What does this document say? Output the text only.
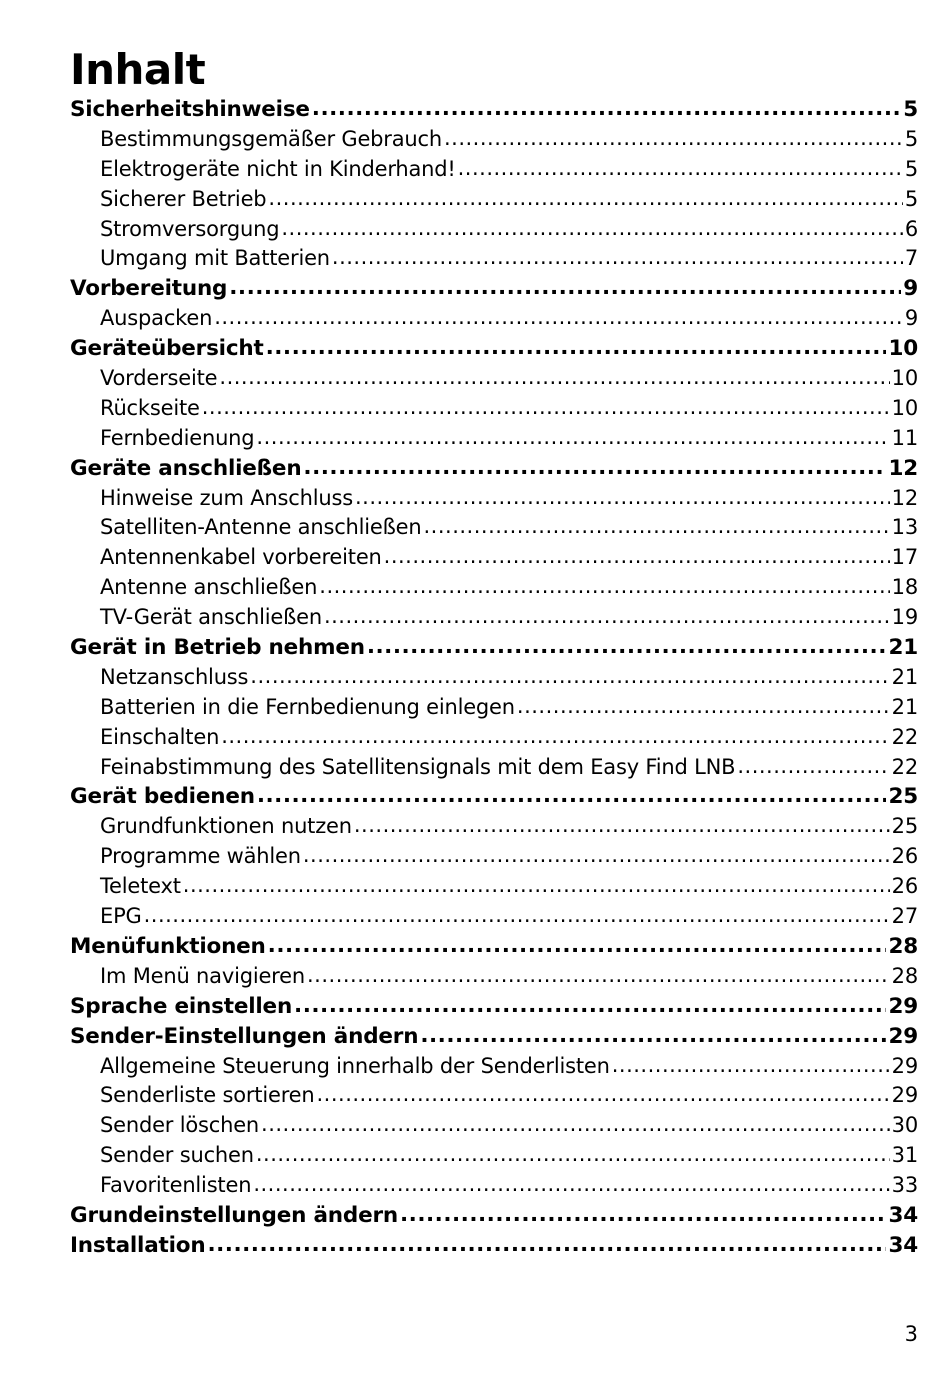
Inhalt
Sicherheitshinweise .....	5
Bestimmungsgemäßer Gebrauch .....	5
Elektrogeräte nicht in Kinderhand! .....	5
Sicherer Betrieb .....	5
Stromversorgung .....	6
Umgang mit Batterien .....	7
Vorbereitung .....	9
Auspacken .....	9
Geräteübersicht .....	10
Vorderseite .....	10
Rückseite .....	10
Fernbedienung .....	11
Geräte anschließen .....	12
Hinweise zum Anschluss .....	12
Satelliten-Antenne anschließen .....	13
Antennenkabel vorbereiten .....	17
Antenne anschließen .....	18
TV-Gerät anschließen .....	19
Gerät in Betrieb nehmen .....	21
Netzanschluss .....	21
Batterien in die Fernbedienung einlegen .....	21
Einschalten .....	22
Feinabstimmung des Satellitensignals mit dem Easy Find LNB .....	22
Gerät bedienen .....	25
Grundfunktionen nutzen .....	25
Programme wählen .....	26
Teletext .....	26
EPG .....	27
Menüfunktionen .....	28
Im Menü navigieren .....	28
Sprache einstellen .....	29
Sender-Einstellungen ändern .....	29
Allgemeine Steuerung innerhalb der Senderlisten .....	29
Senderliste sortieren .....	29
Sender löschen .....	30
Sender suchen .....	31
Favoritenlisten .....	33
Grundeinstellungen ändern .....	34
Installation .....	34
3
